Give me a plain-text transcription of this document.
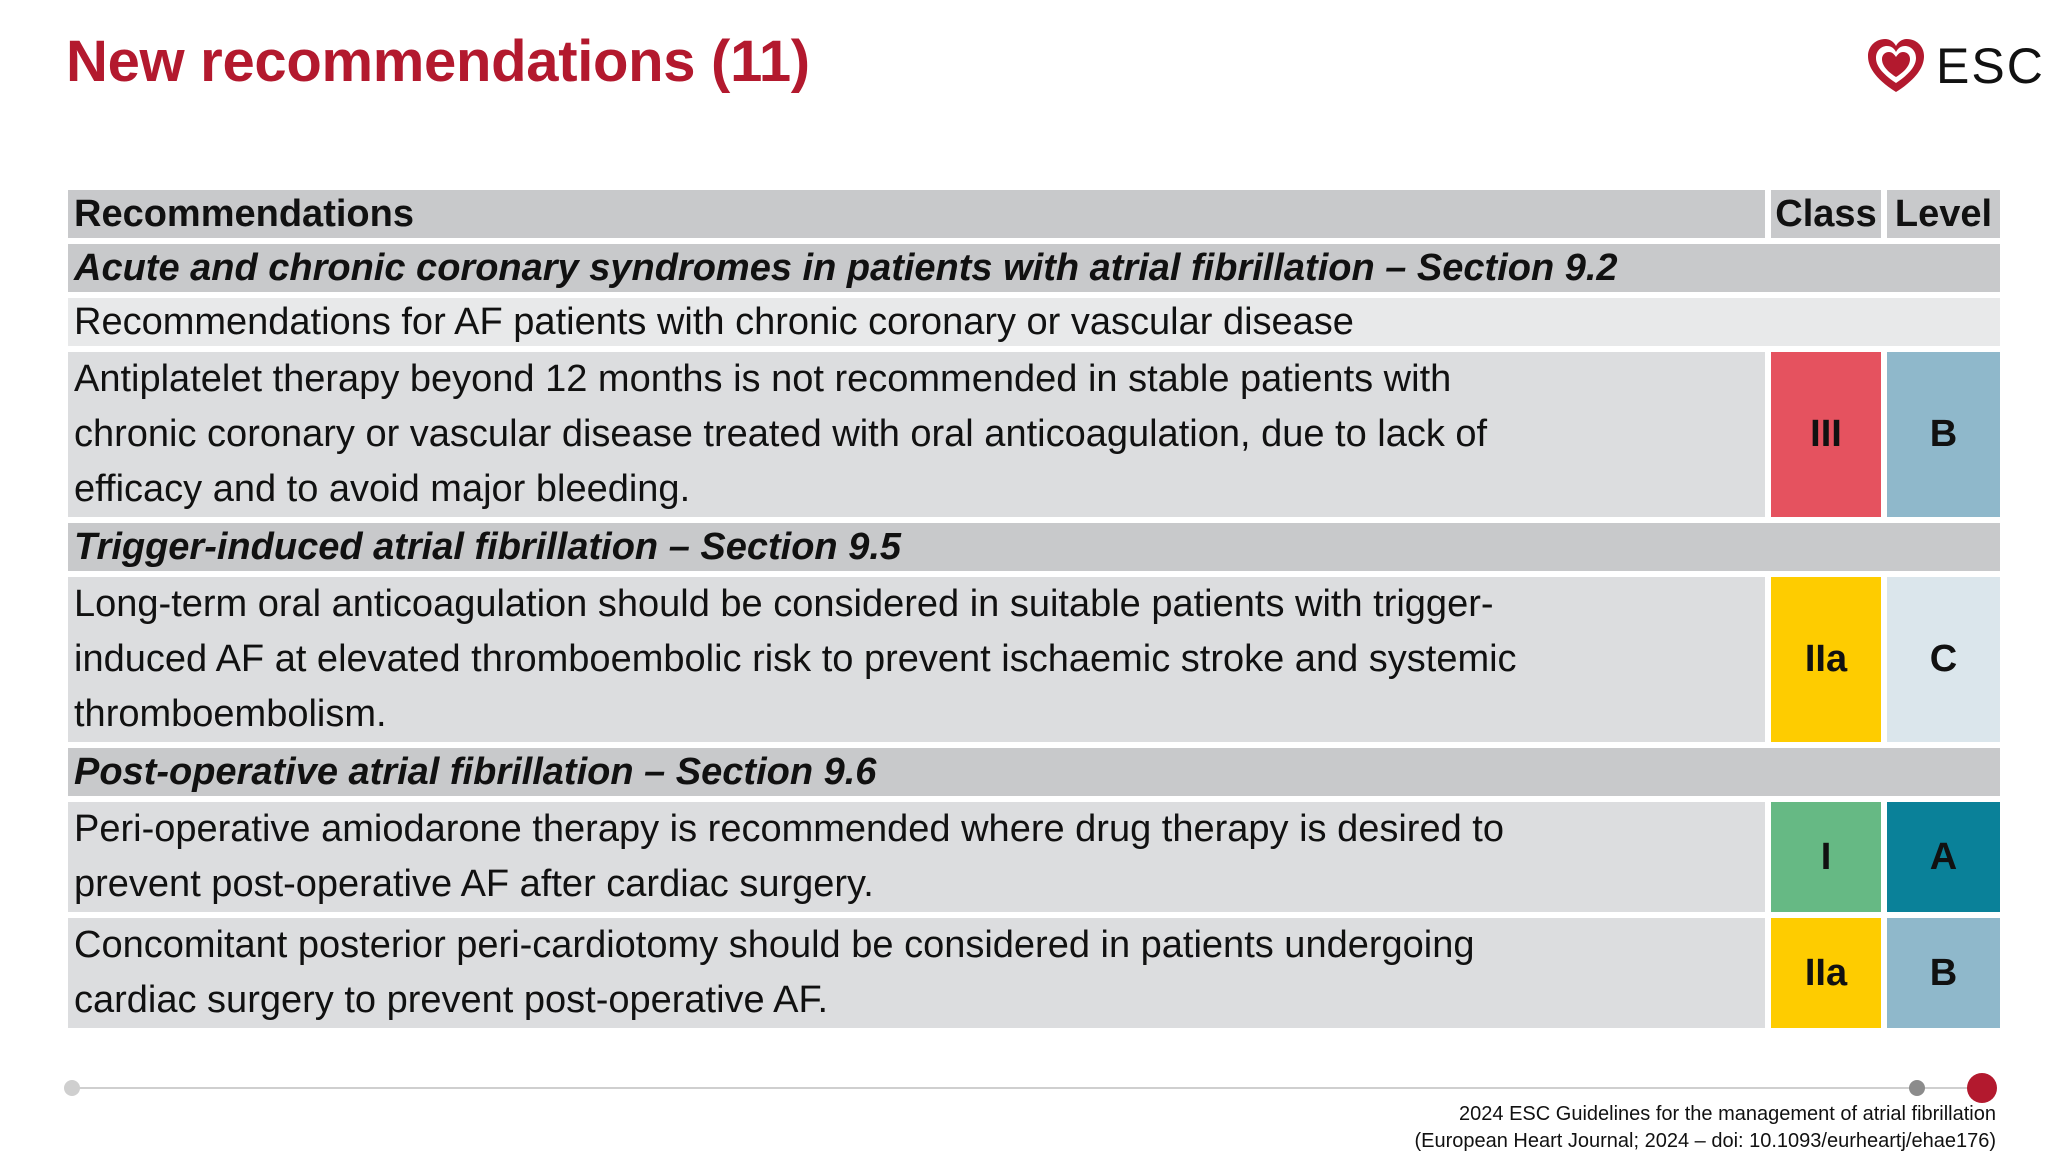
New recommendations (11)	ESC
Recommendations	Class Level
Acute and chronic coronary syndromes in patients with atrial fibrillation – Section 9.2
Recommendations for AF patients with chronic coronary or vascular disease
Antiplatelet therapy beyond 12 months is not recommended in stable patients with
chronic coronary or vascular disease treated with oral anticoagulation, due to lack of
efficacy and to avoid major bleeding.
III	B
Trigger-induced atrial fibrillation – Section 9.5
Long-term oral anticoagulation should be considered in suitable patients with trigger-
induced AF at elevated thromboembolic risk to prevent ischaemic stroke and systemic
thromboembolism.
IIa	C
Post-operative atrial fibrillation – Section 9.6
Peri-operative amiodarone therapy is recommended where drug therapy is desired to
prevent post-operative AF after cardiac surgery.
I	A
Concomitant posterior peri-cardiotomy should be considered in patients undergoing
cardiac surgery to prevent post-operative AF.
IIa	B
2024 ESC Guidelines for the management of atrial fibrillation
(European Heart Journal; 2024 – doi: 10.1093/eurheartj/ehae176)
